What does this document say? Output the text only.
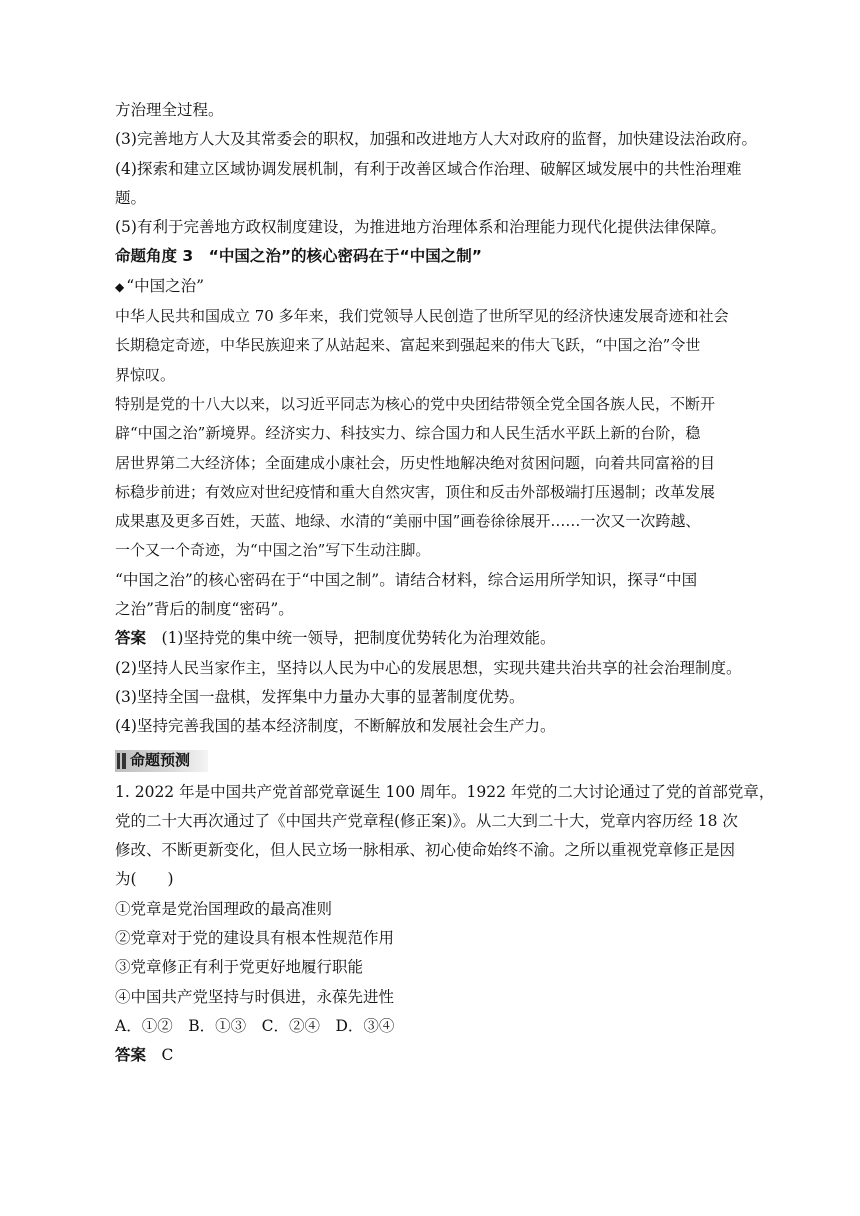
方治理全过程。
(3)完善地方人大及其常委会的职权，加强和改进地方人大对政府的监督，加快建设法治政府。
(4)探索和建立区域协调发展机制，有利于改善区域合作治理、破解区域发展中的共性治理难
题。
(5)有利于完善地方政权制度建设，为推进地方治理体系和治理能力现代化提供法律保障。
命题角度 3　“中国之治”的核心密码在于“中国之制”
◆ “中国之治”
中华人民共和国成立 70 多年来，我们党领导人民创造了世所罕见的经济快速发展奇迹和社会
长期稳定奇迹，中华民族迎来了从站起来、富起来到强起来的伟大飞跃，“中国之治”令世
界惊叹。
特别是党的十八大以来，以习近平同志为核心的党中央团结带领全党全国各族人民，不断开
辟“中国之治”新境界。经济实力、科技实力、综合国力和人民生活水平跃上新的台阶，稳
居世界第二大经济体；全面建成小康社会，历史性地解决绝对贫困问题，向着共同富裕的目
标稳步前进；有效应对世纪疫情和重大自然灾害，顶住和反击外部极端打压遏制；改革发展
成果惠及更多百姓，天蓝、地绿、水清的“美丽中国”画卷徐徐展开……一次又一次跨越、
一个又一个奇迹，为“中国之治”写下生动注脚。
“中国之治”的核心密码在于“中国之制”。请结合材料，综合运用所学知识，探寻“中国
之治”背后的制度“密码”。
答案　(1)坚持党的集中统一领导，把制度优势转化为治理效能。
(2)坚持人民当家作主，坚持以人民为中心的发展思想，实现共建共治共享的社会治理制度。
(3)坚持全国一盘棋，发挥集中力量办大事的显著制度优势。
(4)坚持完善我国的基本经济制度，不断解放和发展社会生产力。
命题预测
1. 2022 年是中国共产党首部党章诞生 100 周年。1922 年党的二大讨论通过了党的首部党章，
党的二十大再次通过了《中国共产党章程(修正案)》。从二大到二十大，党章内容历经 18 次
修改、不断更新变化，但人民立场一脉相承、初心使命始终不渝。之所以重视党章修正是因
为(　　)
①党章是党治国理政的最高准则
②党章对于党的建设具有根本性规范作用
③党章修正有利于党更好地履行职能
④中国共产党坚持与时俱进，永葆先进性
A．①②　B．①③　C．②④　D．③④
答案　C
